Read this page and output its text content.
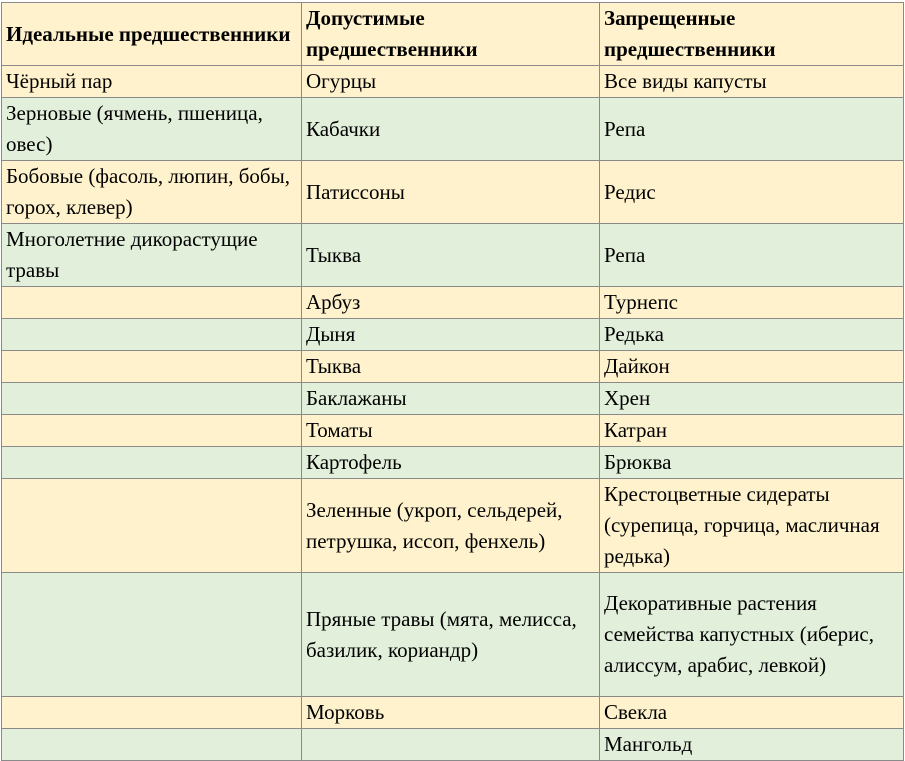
Идеальные предшественники	Допустимые предшественники	Запрещенные предшественники
Чёрный пар	Огурцы	Все виды капусты
Зерновые (ячмень, пшеница, овес)	Кабачки	Репа
Бобовые (фасоль, люпин, бобы, горох, клевер)	Патиссоны	Редис
Многолетние дикорастущие травы	Тыква	Репа
	Арбуз	Турнепс
	Дыня	Редька
	Тыква	Дайкон
	Баклажаны	Хрен
	Томаты	Катран
	Картофель	Брюква
	Зеленные (укроп, сельдерей, петрушка, иссоп, фенхель)	Крестоцветные сидераты (сурепица, горчица, масличная редька)
	Пряные травы (мята, мелисса, базилик, кориандр)	Декоративные растения семейства капустных (иберис, алиссум, арабис, левкой)
	Морковь	Свекла
		Мангольд
